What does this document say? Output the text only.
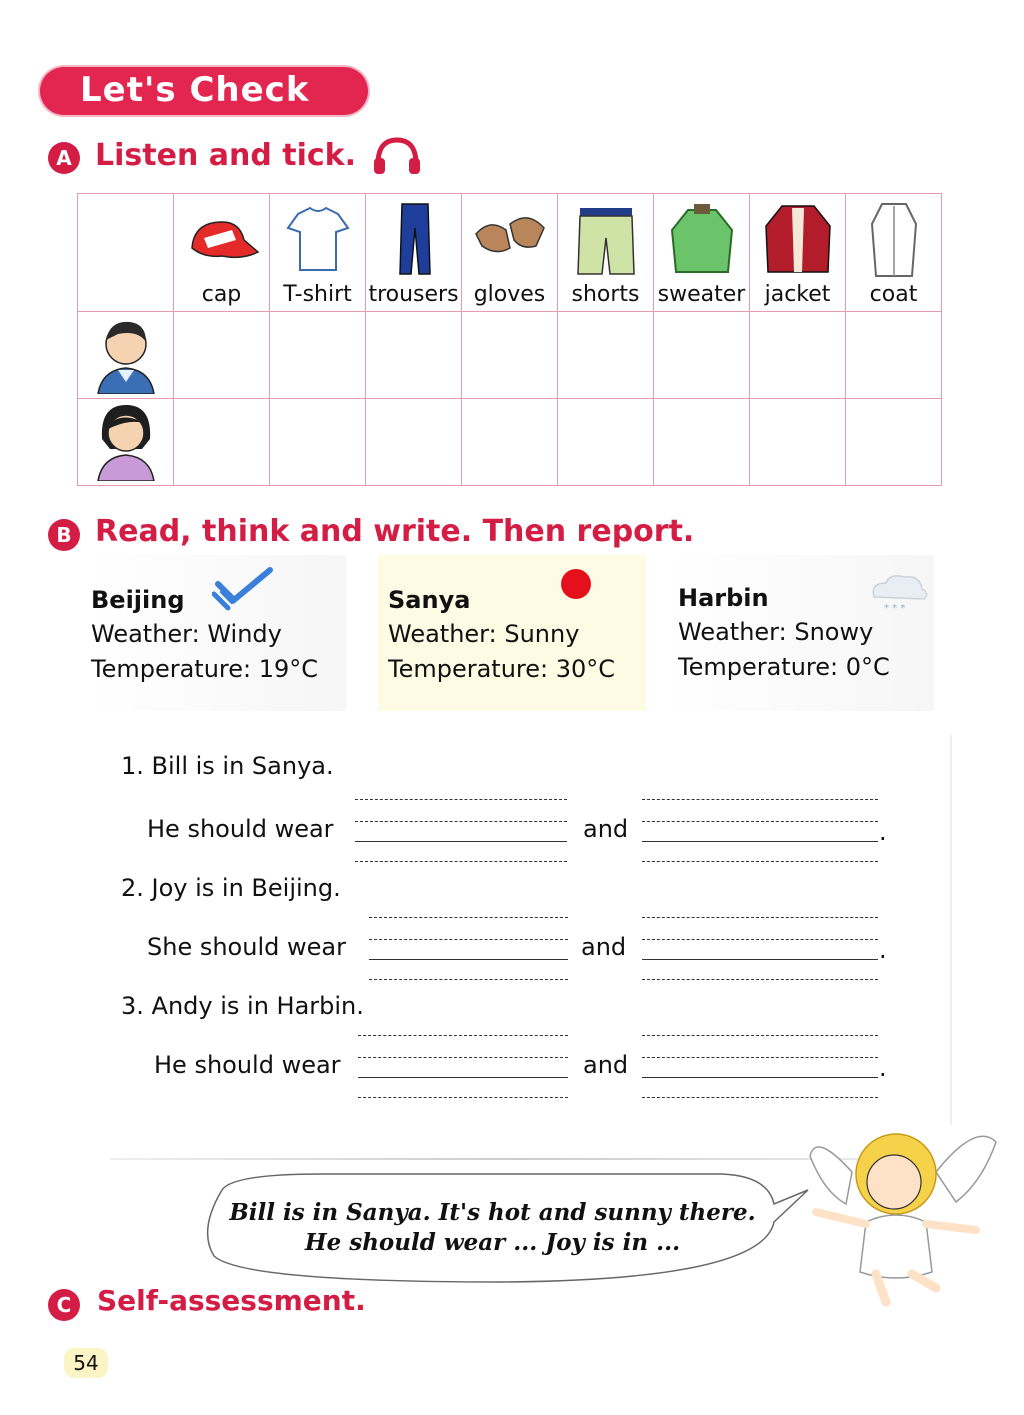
Let's Check
A Listen and tick.

	cap	T-shirt	trousers	gloves	shorts	sweater	jacket	coat

B Read, think and write. Then report.
Beijing
Weather: Windy
Temperature: 19°C
Sanya
Weather: Sunny
Temperature: 30°C
Harbin
Weather: Snowy
Temperature: 0°C
* * *
1. Bill is in Sanya.
He should wear	and	.
2. Joy is in Beijing.
She should wear	and	.
3. Andy is in Harbin.
He should wear	and	.
Bill is in Sanya. It's hot and sunny there.
He should wear ... Joy is in ...
C Self-assessment.
54
